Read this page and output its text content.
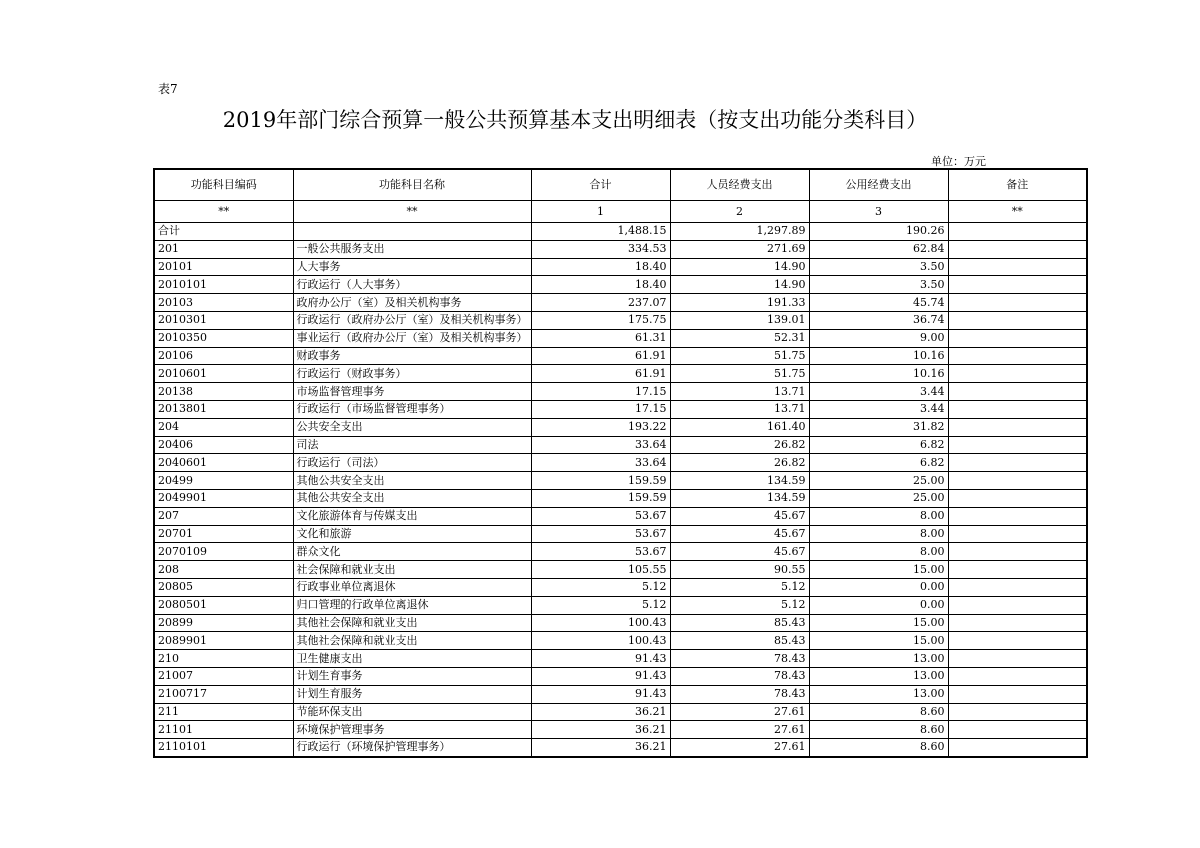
表7
2019年部门综合预算一般公共预算基本支出明细表（按支出功能分类科目）
单位：万元
功能科目编码	功能科目名称	合计	人员经费支出	公用经费支出	备注
**	**	1	2	3	**
合计		1,488.15	1,297.89	190.26	
201	一般公共服务支出	334.53	271.69	62.84	
20101	人大事务	18.40	14.90	3.50	
2010101	行政运行（人大事务）	18.40	14.90	3.50	
20103	政府办公厅（室）及相关机构事务	237.07	191.33	45.74	
2010301	行政运行（政府办公厅（室）及相关机构事务）	175.75	139.01	36.74	
2010350	事业运行（政府办公厅（室）及相关机构事务）	61.31	52.31	9.00	
20106	财政事务	61.91	51.75	10.16	
2010601	行政运行（财政事务）	61.91	51.75	10.16	
20138	市场监督管理事务	17.15	13.71	3.44	
2013801	行政运行（市场监督管理事务）	17.15	13.71	3.44	
204	公共安全支出	193.22	161.40	31.82	
20406	司法	33.64	26.82	6.82	
2040601	行政运行（司法）	33.64	26.82	6.82	
20499	其他公共安全支出	159.59	134.59	25.00	
2049901	其他公共安全支出	159.59	134.59	25.00	
207	文化旅游体育与传媒支出	53.67	45.67	8.00	
20701	文化和旅游	53.67	45.67	8.00	
2070109	群众文化	53.67	45.67	8.00	
208	社会保障和就业支出	105.55	90.55	15.00	
20805	行政事业单位离退休	5.12	5.12	0.00	
2080501	归口管理的行政单位离退休	5.12	5.12	0.00	
20899	其他社会保障和就业支出	100.43	85.43	15.00	
2089901	其他社会保障和就业支出	100.43	85.43	15.00	
210	卫生健康支出	91.43	78.43	13.00	
21007	计划生育事务	91.43	78.43	13.00	
2100717	计划生育服务	91.43	78.43	13.00	
211	节能环保支出	36.21	27.61	8.60	
21101	环境保护管理事务	36.21	27.61	8.60	
2110101	行政运行（环境保护管理事务）	36.21	27.61	8.60	
